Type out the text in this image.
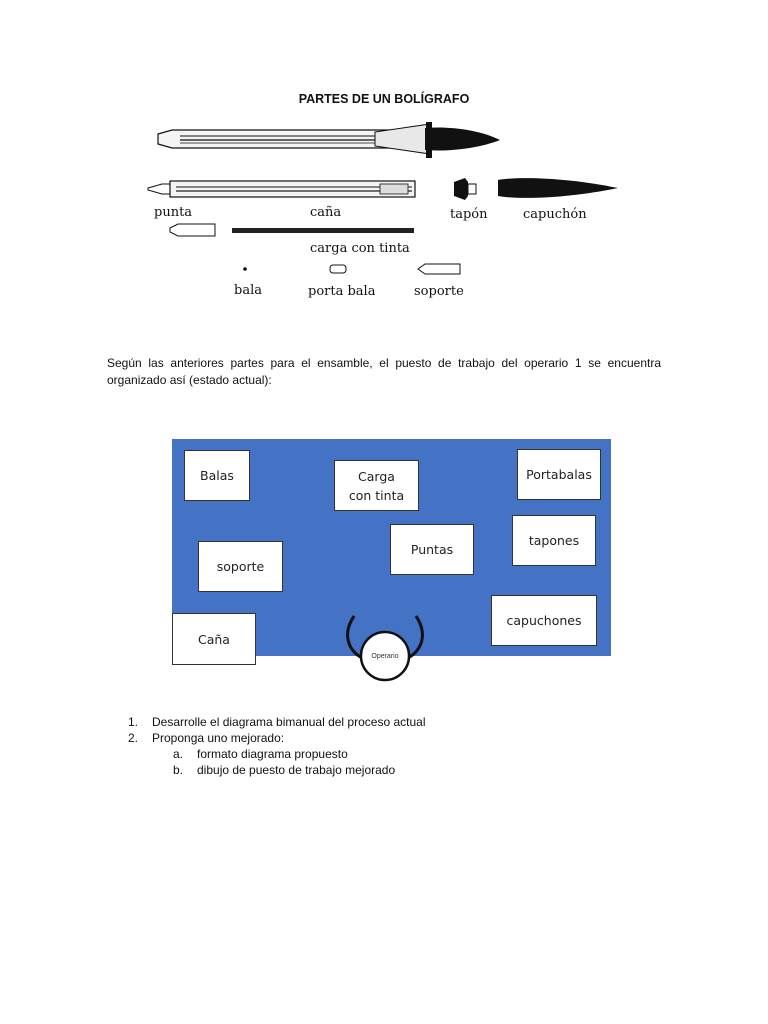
PARTES DE UN BOLÍGRAFO
punta	caña	tapón	capuchón
carga con tinta
bala	porta bala	soporte
Según las anteriores partes para el ensamble, el puesto de trabajo del operario 1 se encuentra organizado así (estado actual):
Balas	Carga con tinta
Portabalas
tapones
Puntas
soporte
capuchones
Caña
Operario
1. Desarrolle el diagrama bimanual del proceso actual
2. Proponga uno mejorado:
a. formato diagrama propuesto
b. dibujo de puesto de trabajo mejorado
